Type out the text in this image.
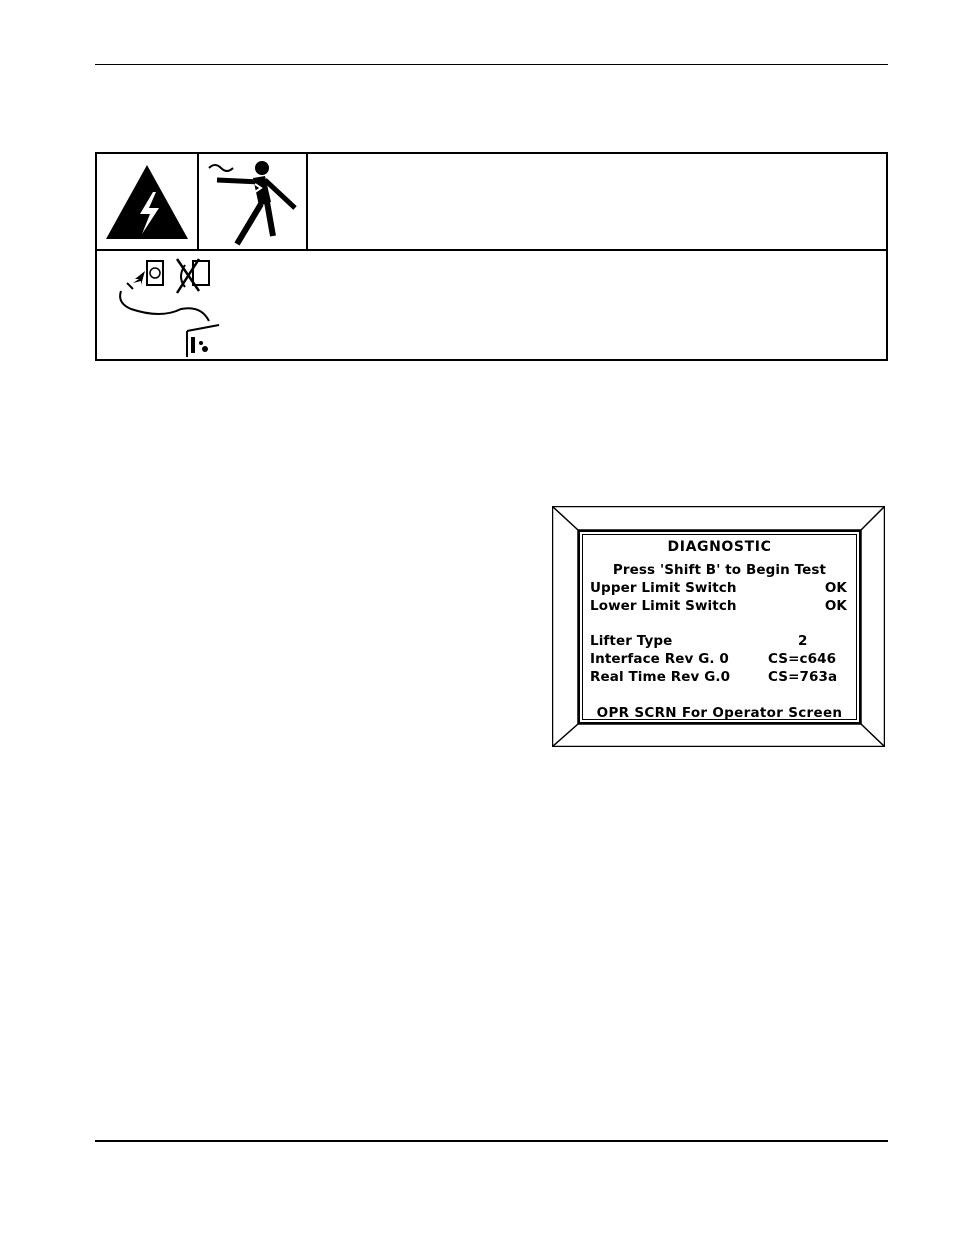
DIAGNOSTIC
Press 'Shift B' to Begin Test
Upper Limit Switch	OK
Lower Limit Switch	OK
Lifter Type	2
Interface Rev G. 0	CS=c646
Real Time Rev G.0	CS=763a
OPR SCRN For Operator Screen
